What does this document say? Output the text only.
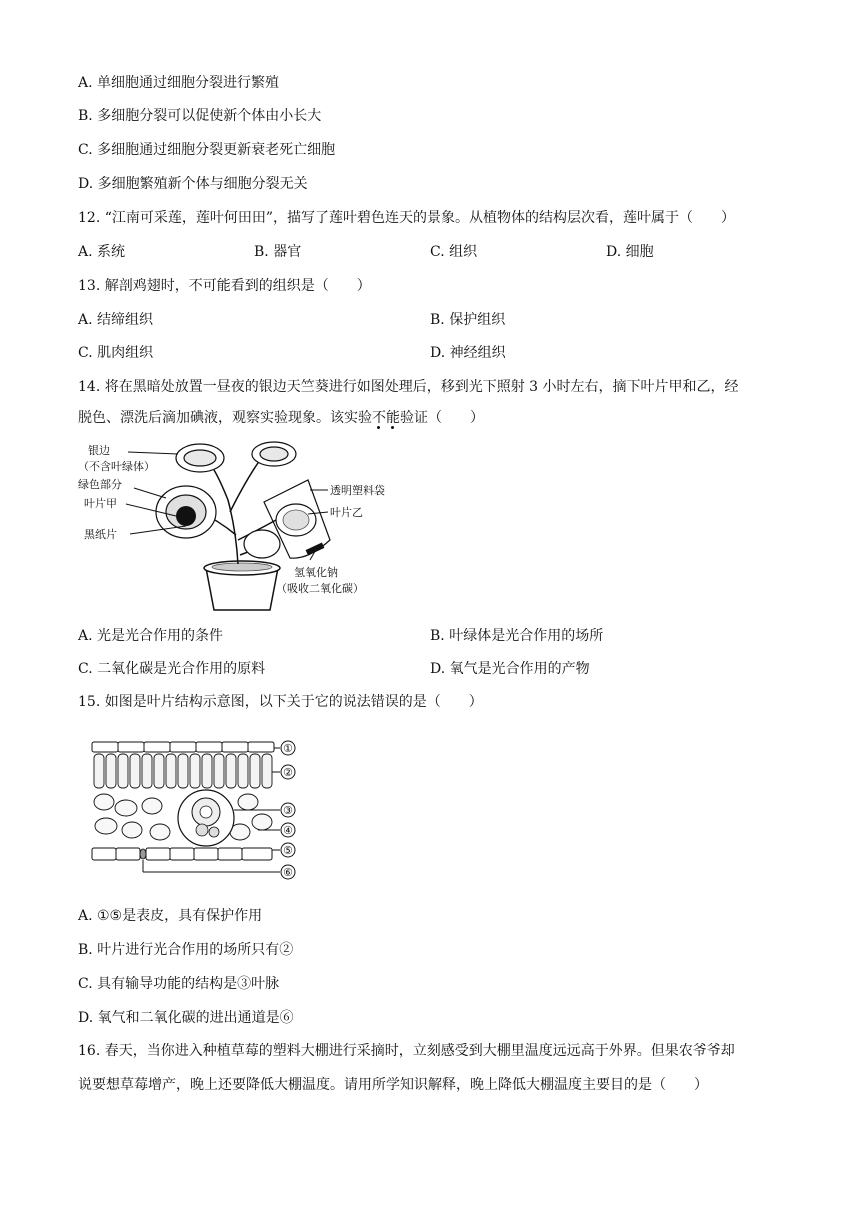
A. 单细胞通过细胞分裂进行繁殖
B. 多细胞分裂可以促使新个体由小长大
C. 多细胞通过细胞分裂更新衰老死亡细胞
D. 多细胞繁殖新个体与细胞分裂无关
12. “江南可采莲，莲叶何田田”，描写了莲叶碧色连天的景象。从植物体的结构层次看，莲叶属于（　　）
A. 系统	B. 器官	C. 组织	D. 细胞
13. 解剖鸡翅时，不可能看到的组织是（　　）
A. 结缔组织	B. 保护组织
C. 肌肉组织	D. 神经组织
14. 将在黑暗处放置一昼夜的银边天竺葵进行如图处理后，移到光下照射 3 小时左右，摘下叶片甲和乙，经
脱色、漂洗后滴加碘液，观察实验现象。该实验不能
验证（　　）
银边
（不含叶绿体）
绿色部分
叶片甲
黑纸片
透明塑料袋
叶片乙
氢氧化钠
（吸收二氧化碳）
A. 光是光合作用的条件	B. 叶绿体是光合作用的场所
C. 二氧化碳是光合作用的原料	D. 氧气是光合作用的产物
15. 如图是叶片结构示意图，以下关于它的说法错误的是（　　）
①
②
③
④
⑤
⑥
A. ①⑤是表皮，具有保护作用
B. 叶片进行光合作用的场所只有②
C. 具有输导功能的结构是③叶脉
D. 氧气和二氧化碳的进出通道是⑥
16. 春天，当你进入种植草莓的塑料大棚进行采摘时，立刻感受到大棚里温度远远高于外界。但果农爷爷却
说要想草莓增产，晚上还要降低大棚温度。请用所学知识解释，晚上降低大棚温度主要目的是（　　）
